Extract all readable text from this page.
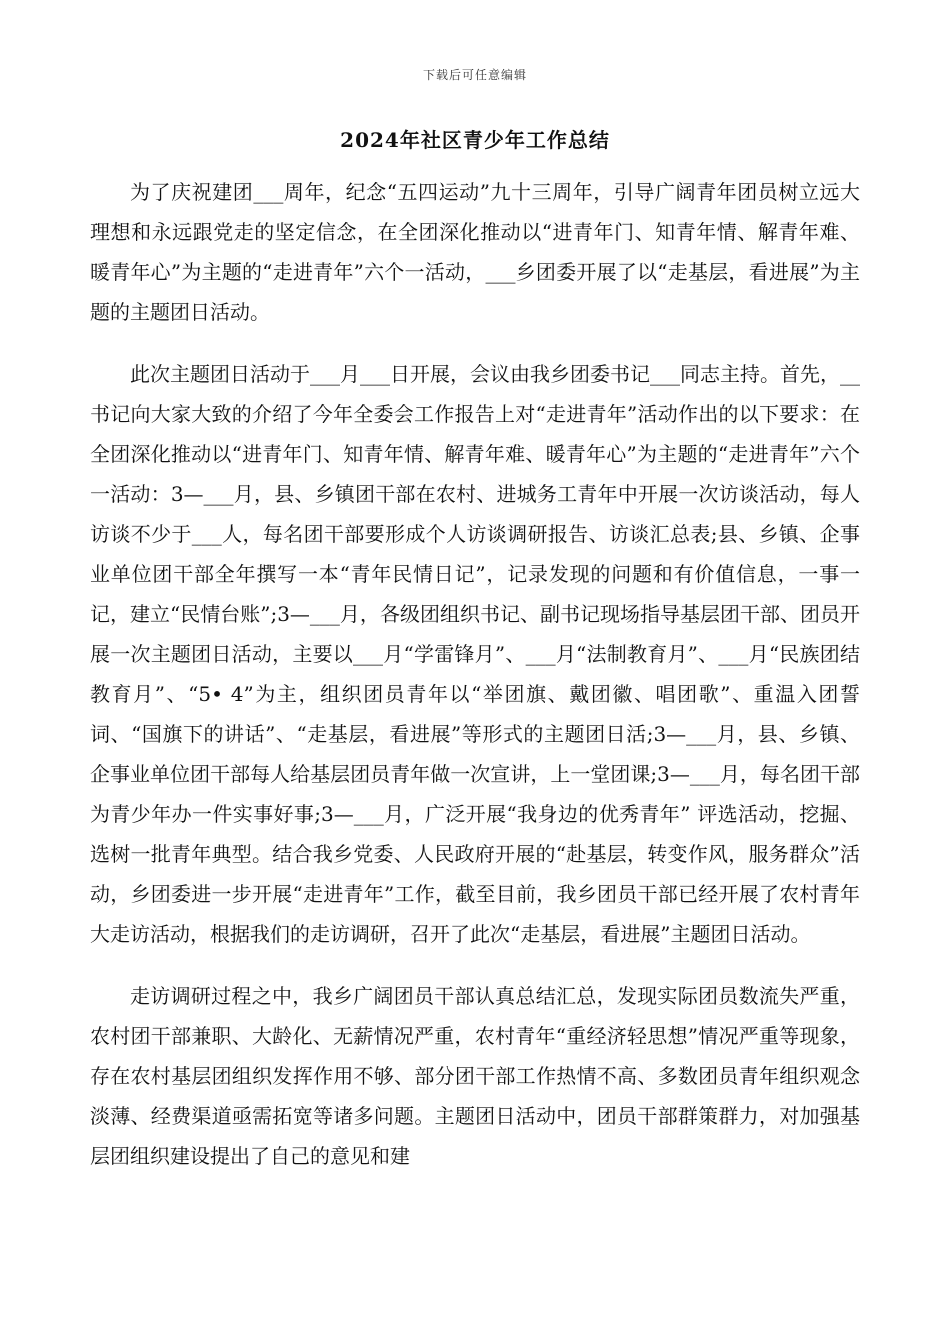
下载后可任意编辑
2024年社区青少年工作总结

为了庆祝建团___周年，纪念“五四运动”九十三周年，引导广阔青年团员树立远大理想和永远跟党走的坚定信念，在全团深化推动以“进青年门、知青年情、解青年难、暖青年心”为主题的“走进青年”六个一活动，___乡团委开展了以“走基层，看进展”为主题的主题团日活动。

此次主题团日活动于___月___日开展，会议由我乡团委书记___同志主持。首先，__书记向大家大致的介绍了今年全委会工作报告上对“走进青年”活动作出的以下要求：在全团深化推动以“进青年门、知青年情、解青年难、暖青年心”为主题的“走进青年”六个一活动：3—___月，县、乡镇团干部在农村、进城务工青年中开展一次访谈活动，每人访谈不少于___人，每名团干部要形成个人访谈调研报告、访谈汇总表;县、乡镇、企事业单位团干部全年撰写一本“青年民情日记”，记录发现的问题和有价值信息，一事一记，建立“民情台账”;3—___月，各级团组织书记、副书记现场指导基层团干部、团员开展一次主题团日活动，主要以___月“学雷锋月”、___月“法制教育月”、___月“民族团结教育月”、“5• 4”为主，组织团员青年以“举团旗、戴团徽、唱团歌”、重温入团誓词、“国旗下的讲话”、“走基层，看进展”等形式的主题团日活;3—___月，县、乡镇、企事业单位团干部每人给基层团员青年做一次宣讲，上一堂团课;3—___月，每名团干部为青少年办一件实事好事;3—___月，广泛开展“我身边的优秀青年” 评选活动，挖掘、选树一批青年典型。结合我乡党委、人民政府开展的“赴基层，转变作风，服务群众”活动，乡团委进一步开展“走进青年”工作，截至目前，我乡团员干部已经开展了农村青年大走访活动，根据我们的走访调研，召开了此次“走基层，看进展”主题团日活动。

走访调研过程之中，我乡广阔团员干部认真总结汇总，发现实际团员数流失严重，农村团干部兼职、大龄化、无薪情况严重，农村青年“重经济轻思想”情况严重等现象，存在农村基层团组织发挥作用不够、部分团干部工作热情不高、多数团员青年组织观念淡薄、经费渠道亟需拓宽等诸多问题。主题团日活动中，团员干部群策群力，对加强基层团组织建设提出了自己的意见和建
